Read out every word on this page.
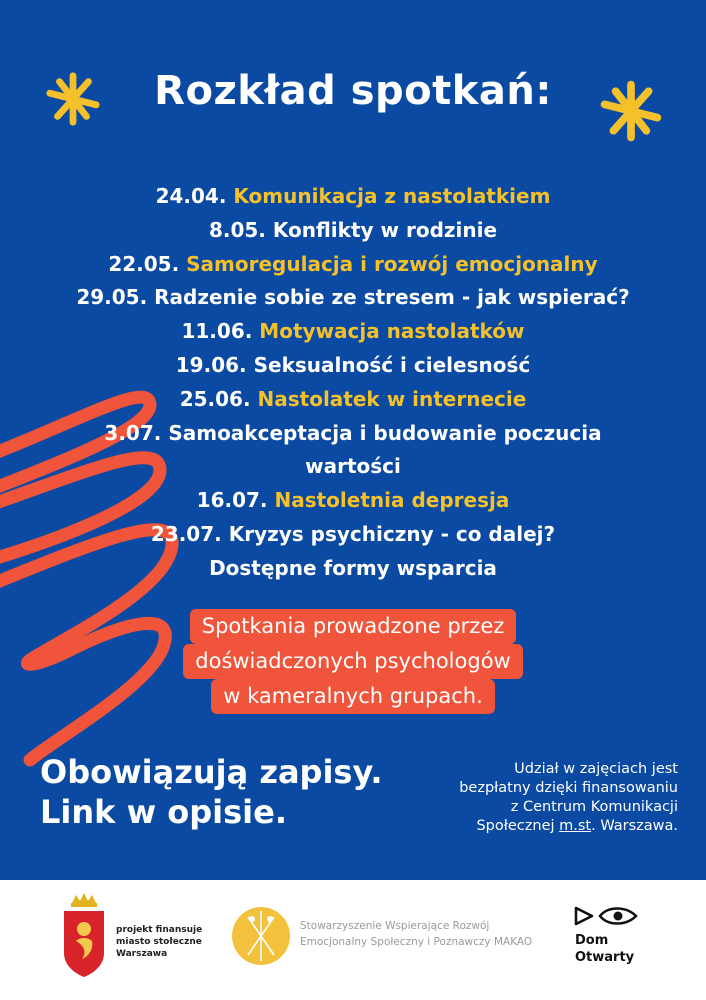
Rozkład spotkań:
24.04. Komunikacja z nastolatkiem
8.05. Konflikty w rodzinie
22.05. Samoregulacja i rozwój emocjonalny
29.05. Radzenie sobie ze stresem - jak wspierać?
11.06. Motywacja nastolatków
19.06. Seksualność i cielesność
25.06. Nastolatek w internecie
3.07. Samoakceptacja i budowanie poczucia
wartości
16.07. Nastoletnia depresja
23.07. Kryzys psychiczny - co dalej?
Dostępne formy wsparcia
Spotkania prowadzone przez
doświadczonych psychologów
w kameralnych grupach.
Obowiązują zapisy.
Link w opisie.
Udział w zajęciach jest
bezpłatny dzięki finansowaniu
z Centrum Komunikacji
Społecznej m.st. Warszawa.
projekt finansuje
miasto stołeczne
Warszawa
Stowarzyszenie Wspierające Rozwój
Emocjonalny Społeczny i Poznawczy MAKAO	Dom
Otwarty
